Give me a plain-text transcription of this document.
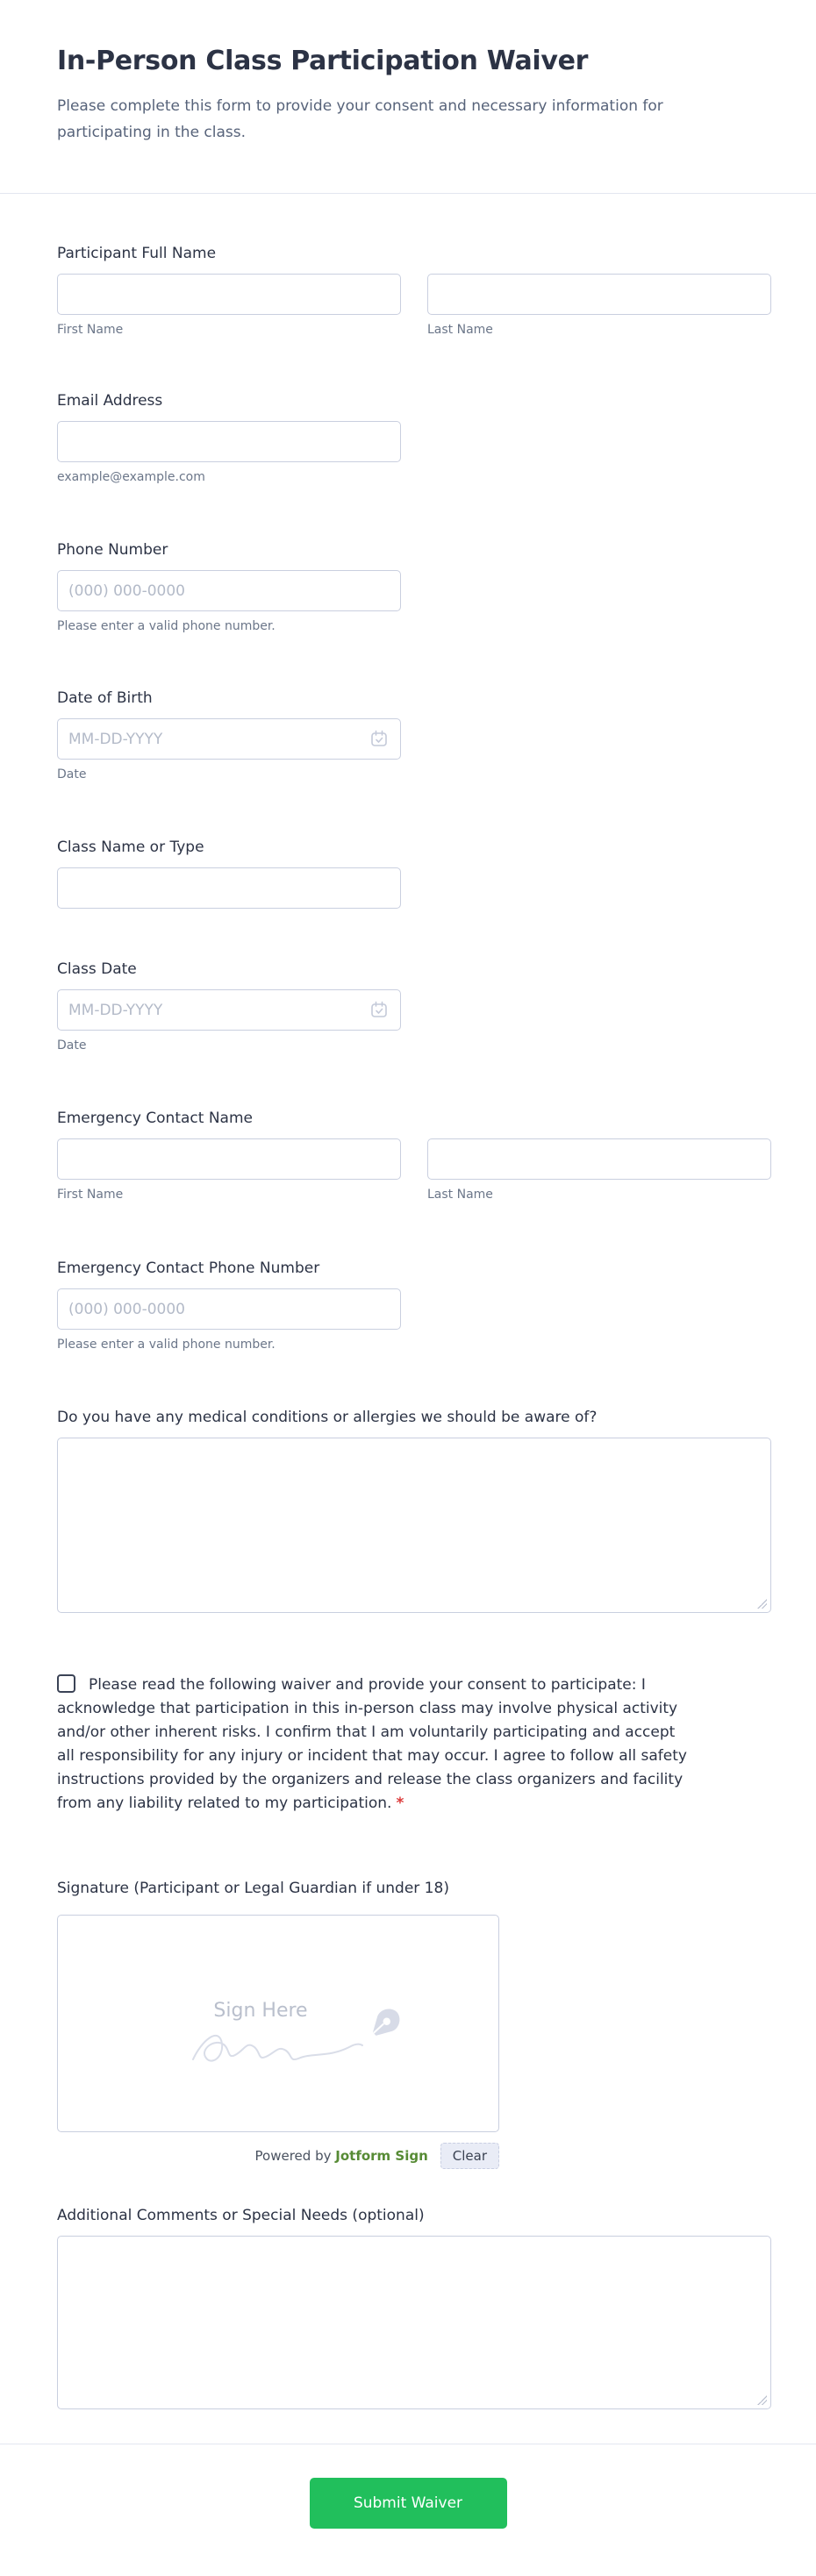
In-Person Class Participation Waiver

Please complete this form to provide your consent and necessary information for participating in the class.

Participant Full Name
First Name	Last Name
Email Address
example@example.com
Phone Number
(000) 000-0000
Please enter a valid phone number.
Date of Birth
MM-DD-YYYY
Date
Class Name or Type
Class Date
MM-DD-YYYY
Date
Emergency Contact Name
First Name	Last Name
Emergency Contact Phone Number
(000) 000-0000
Please enter a valid phone number.
Do you have any medical conditions or allergies we should be aware of?

Please read the following waiver and provide your consent to participate: I acknowledge that participation in this in-person class may involve physical activity and/or other inherent risks. I confirm that I am voluntarily participating and accept all responsibility for any injury or incident that may occur. I agree to follow all safety instructions provided by the organizers and release the class organizers and facility from any liability related to my participation. *

Signature (Participant or Legal Guardian if under 18)
Sign Here
Powered by Jotform Sign	Clear
Additional Comments or Special Needs (optional)
Submit Waiver
